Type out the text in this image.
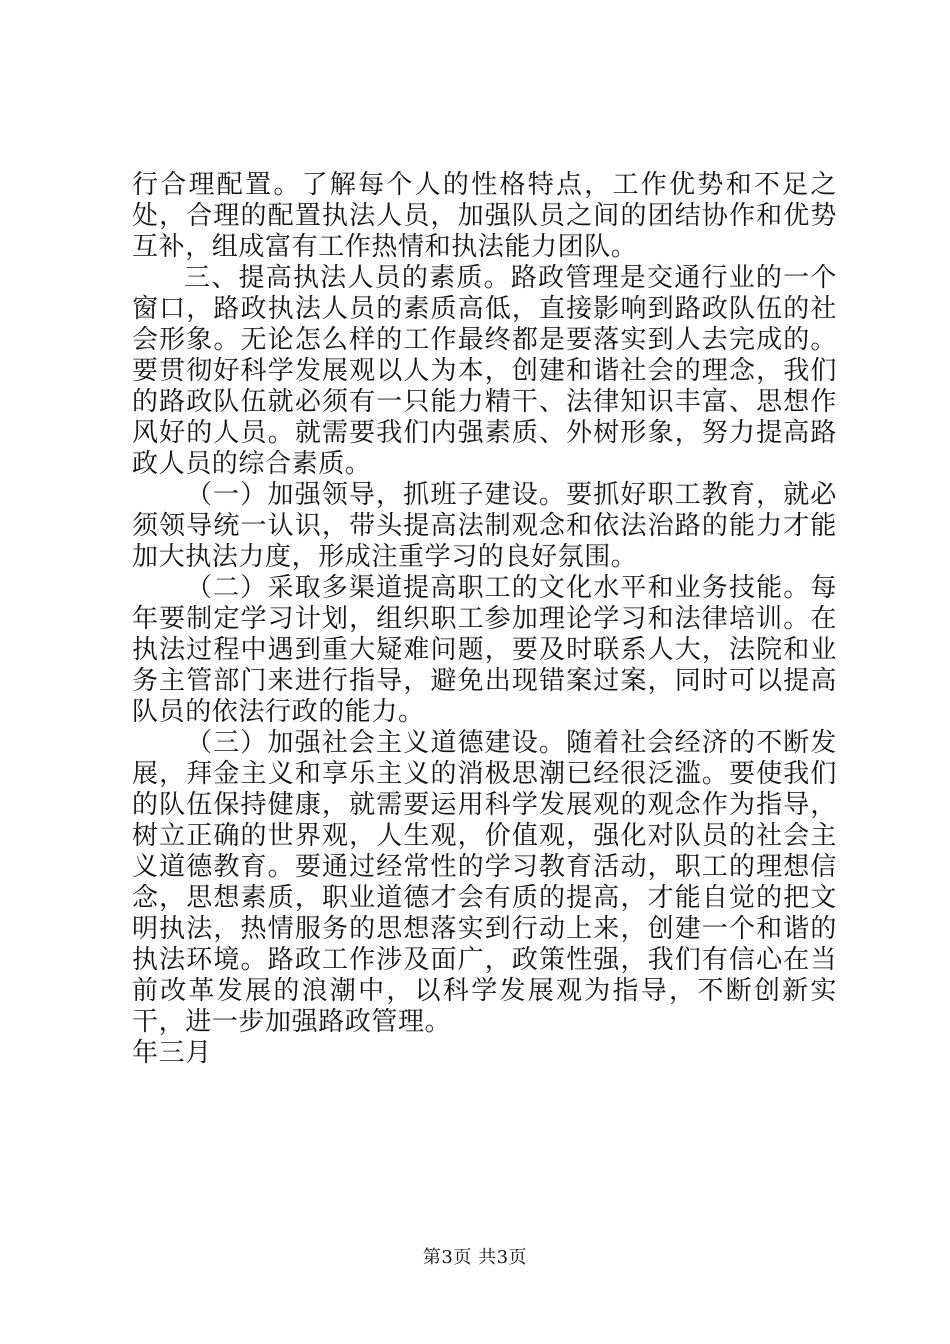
行合理配置。了解每个人的性格特点，工作优势和不足之处，合理的配置执法人员，加强队员之间的团结协作和优势互补，组成富有工作热情和执法能力团队。

三、提高执法人员的素质。路政管理是交通行业的一个窗口，路政执法人员的素质高低，直接影响到路政队伍的社会形象。无论怎么样的工作最终都是要落实到人去完成的。要贯彻好科学发展观以人为本，创建和谐社会的理念，我们的路政队伍就必须有一只能力精干、法律知识丰富、思想作风好的人员。就需要我们内强素质、外树形象，努力提高路政人员的综合素质。

（一）加强领导，抓班子建设。要抓好职工教育，就必须领导统一认识，带头提高法制观念和依法治路的能力才能加大执法力度，形成注重学习的良好氛围。

（二）采取多渠道提高职工的文化水平和业务技能。每年要制定学习计划，组织职工参加理论学习和法律培训。在执法过程中遇到重大疑难问题，要及时联系人大，法院和业务主管部门来进行指导，避免出现错案过案，同时可以提高队员的依法行政的能力。

（三）加强社会主义道德建设。随着社会经济的不断发展，拜金主义和享乐主义的消极思潮已经很泛滥。要使我们的队伍保持健康，就需要运用科学发展观的观念作为指导，树立正确的世界观，人生观，价值观，强化对队员的社会主义道德教育。要通过经常性的学习教育活动，职工的理想信念，思想素质，职业道德才会有质的提高，才能自觉的把文明执法，热情服务的思想落实到行动上来，创建一个和谐的执法环境。路政工作涉及面广，政策性强，我们有信心在当前改革发展的浪潮中，以科学发展观为指导，不断创新实干，进一步加强路政管理。

年三月

第3页 共3页
